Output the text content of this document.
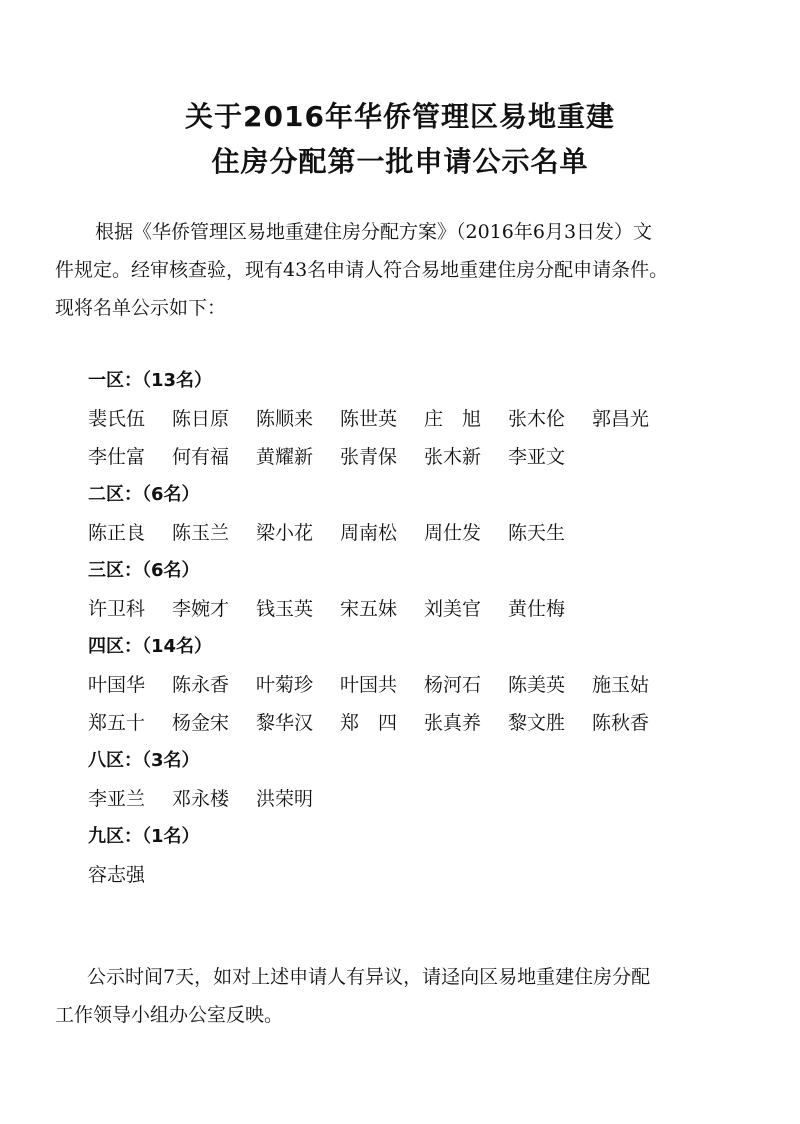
关于2016年华侨管理区易地重建
住房分配第一批申请公示名单
根据《华侨管理区易地重建住房分配方案》（2016年6月3日发）文
件规定。经审核查验，现有43名申请人符合易地重建住房分配申请条件。
现将名单公示如下：
一区：（13名）
裴氏伍	陈日原	陈顺来	陈世英	庄　旭	张木伦	郭昌光
李仕富	何有福	黄耀新	张青保	张木新	李亚文
二区：（6名）
陈正良	陈玉兰	梁小花	周南松	周仕发	陈天生
三区：（6名）
许卫科	李婉才	钱玉英	宋五妹	刘美官	黄仕梅
四区：（14名）
叶国华	陈永香	叶菊珍	叶国共	杨河石	陈美英	施玉姑
郑五十	杨金宋	黎华汉	郑　四	张真养	黎文胜	陈秋香
八区：（3名）
李亚兰	邓永楼	洪荣明
九区：（1名）
容志强
公示时间7天，如对上述申请人有异议，请迳向区易地重建住房分配
工作领导小组办公室反映。
